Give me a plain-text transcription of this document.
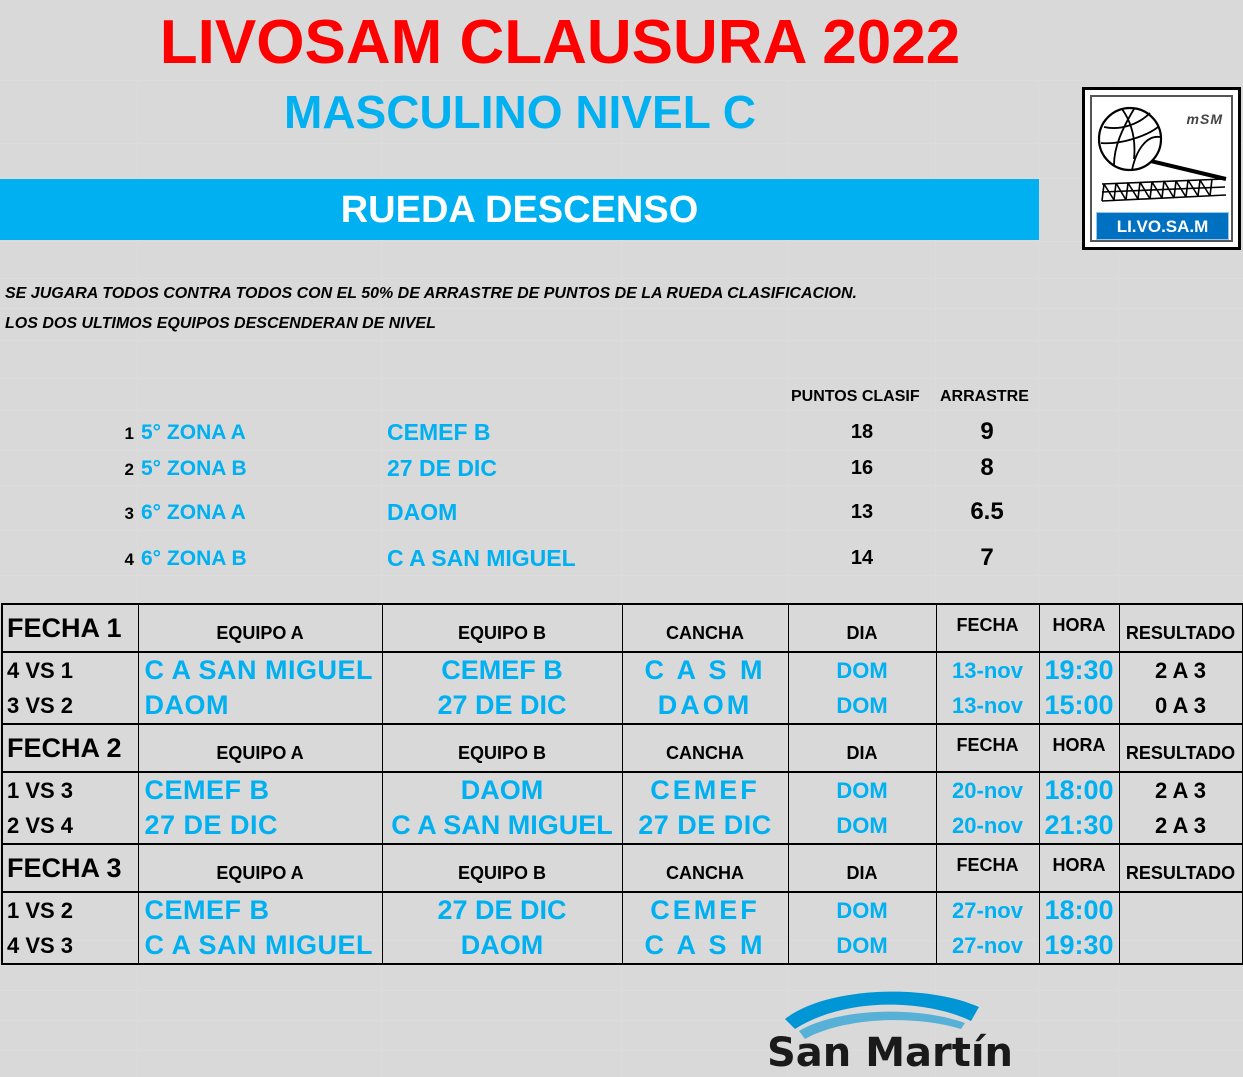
LIVOSAM CLAUSURA 2022
MASCULINO NIVEL C
RUEDA DESCENSO
mSM
LI.VO.SA.M
SE JUGARA TODOS CONTRA TODOS CON EL 50% DE ARRASTRE DE PUNTOS DE LA RUEDA CLASIFICACION.
LOS DOS ULTIMOS EQUIPOS DESCENDERAN DE NIVEL
PUNTOS CLASIF ARRASTRE
1 5° ZONA A	CEMEF B	18	9
2 5° ZONA B	27 DE DIC	16	8
3 6° ZONA A	DAOM	13	6.5
4 6° ZONA B	C A SAN MIGUEL	14	7
FECHA 1	EQUIPO A	EQUIPO B	CANCHA	DIA	FECHA	HORA	RESULTADO
4 VS 1	C A SAN MIGUEL	CEMEF B	C A S M	DOM	13-nov	19:30	2 A 3
3 VS 2	DAOM	27 DE DIC	DAOM	DOM	13-nov	15:00	0 A 3
FECHA 2	EQUIPO A	EQUIPO B	CANCHA	DIA	FECHA	HORA	RESULTADO
1 VS 3	CEMEF B	DAOM	CEMEF	DOM	20-nov	18:00	2 A 3
2 VS 4	27 DE DIC	C A SAN MIGUEL	27 DE DIC	DOM	20-nov	21:30	2 A 3
FECHA 3	EQUIPO A	EQUIPO B	CANCHA	DIA	FECHA	HORA	RESULTADO
1 VS 2	CEMEF B	27 DE DIC	CEMEF	DOM	27-nov	18:00	
4 VS 3	C A SAN MIGUEL	DAOM	C A S M	DOM	27-nov	19:30	
San Martín
